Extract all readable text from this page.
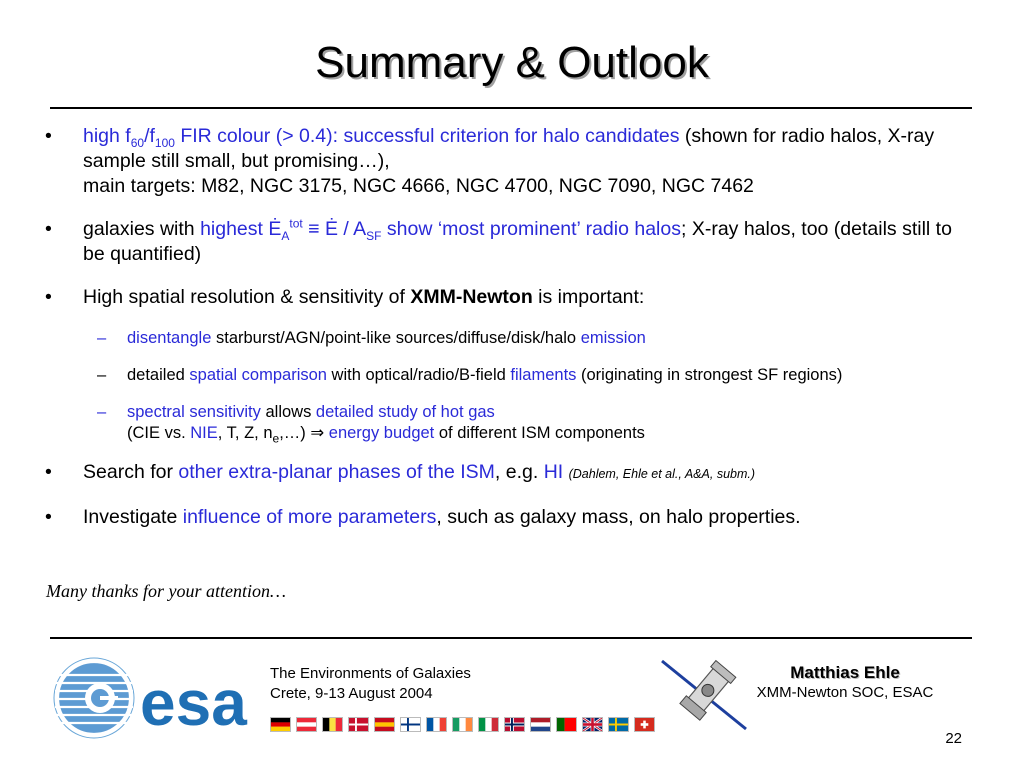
Summary & Outlook
• high $f_{60}/f_{100}$ FIR colour (> 0.4): successful criterion for halo candidates (shown for radio halos, X-ray sample still small, but promising…),
main targets: M82, NGC 3175, NGC 4666, NGC 4700, NGC 7090, NGC 7462
• galaxies with highest $Ė_A^{tot}$ ≡ Ė / $A_{SF}$ show ‘most prominent’ radio halos; X-ray halos, too (details still to be quantified)
• High spatial resolution & sensitivity of XMM-Newton is important:
– disentangle starburst/AGN/point-like sources/diffuse/disk/halo emission
– detailed spatial comparison with optical/radio/B-field filaments (originating in strongest SF regions)
– spectral sensitivity allows detailed study of hot gas
(CIE vs. NIE, T, Z, $n_e,\dots$) ⇒ energy budget of different ISM components
• Search for other extra-planar phases of the ISM, e.g. HI (Dahlem, Ehle et al., A&A, subm.)
• Investigate influence of more parameters, such as galaxy mass, on halo properties.
Many thanks for your attention…
esa The Environments of Galaxies
Crete, 9-13 August 2004
Matthias Ehle
XMM-Newton SOC, ESAC
22
